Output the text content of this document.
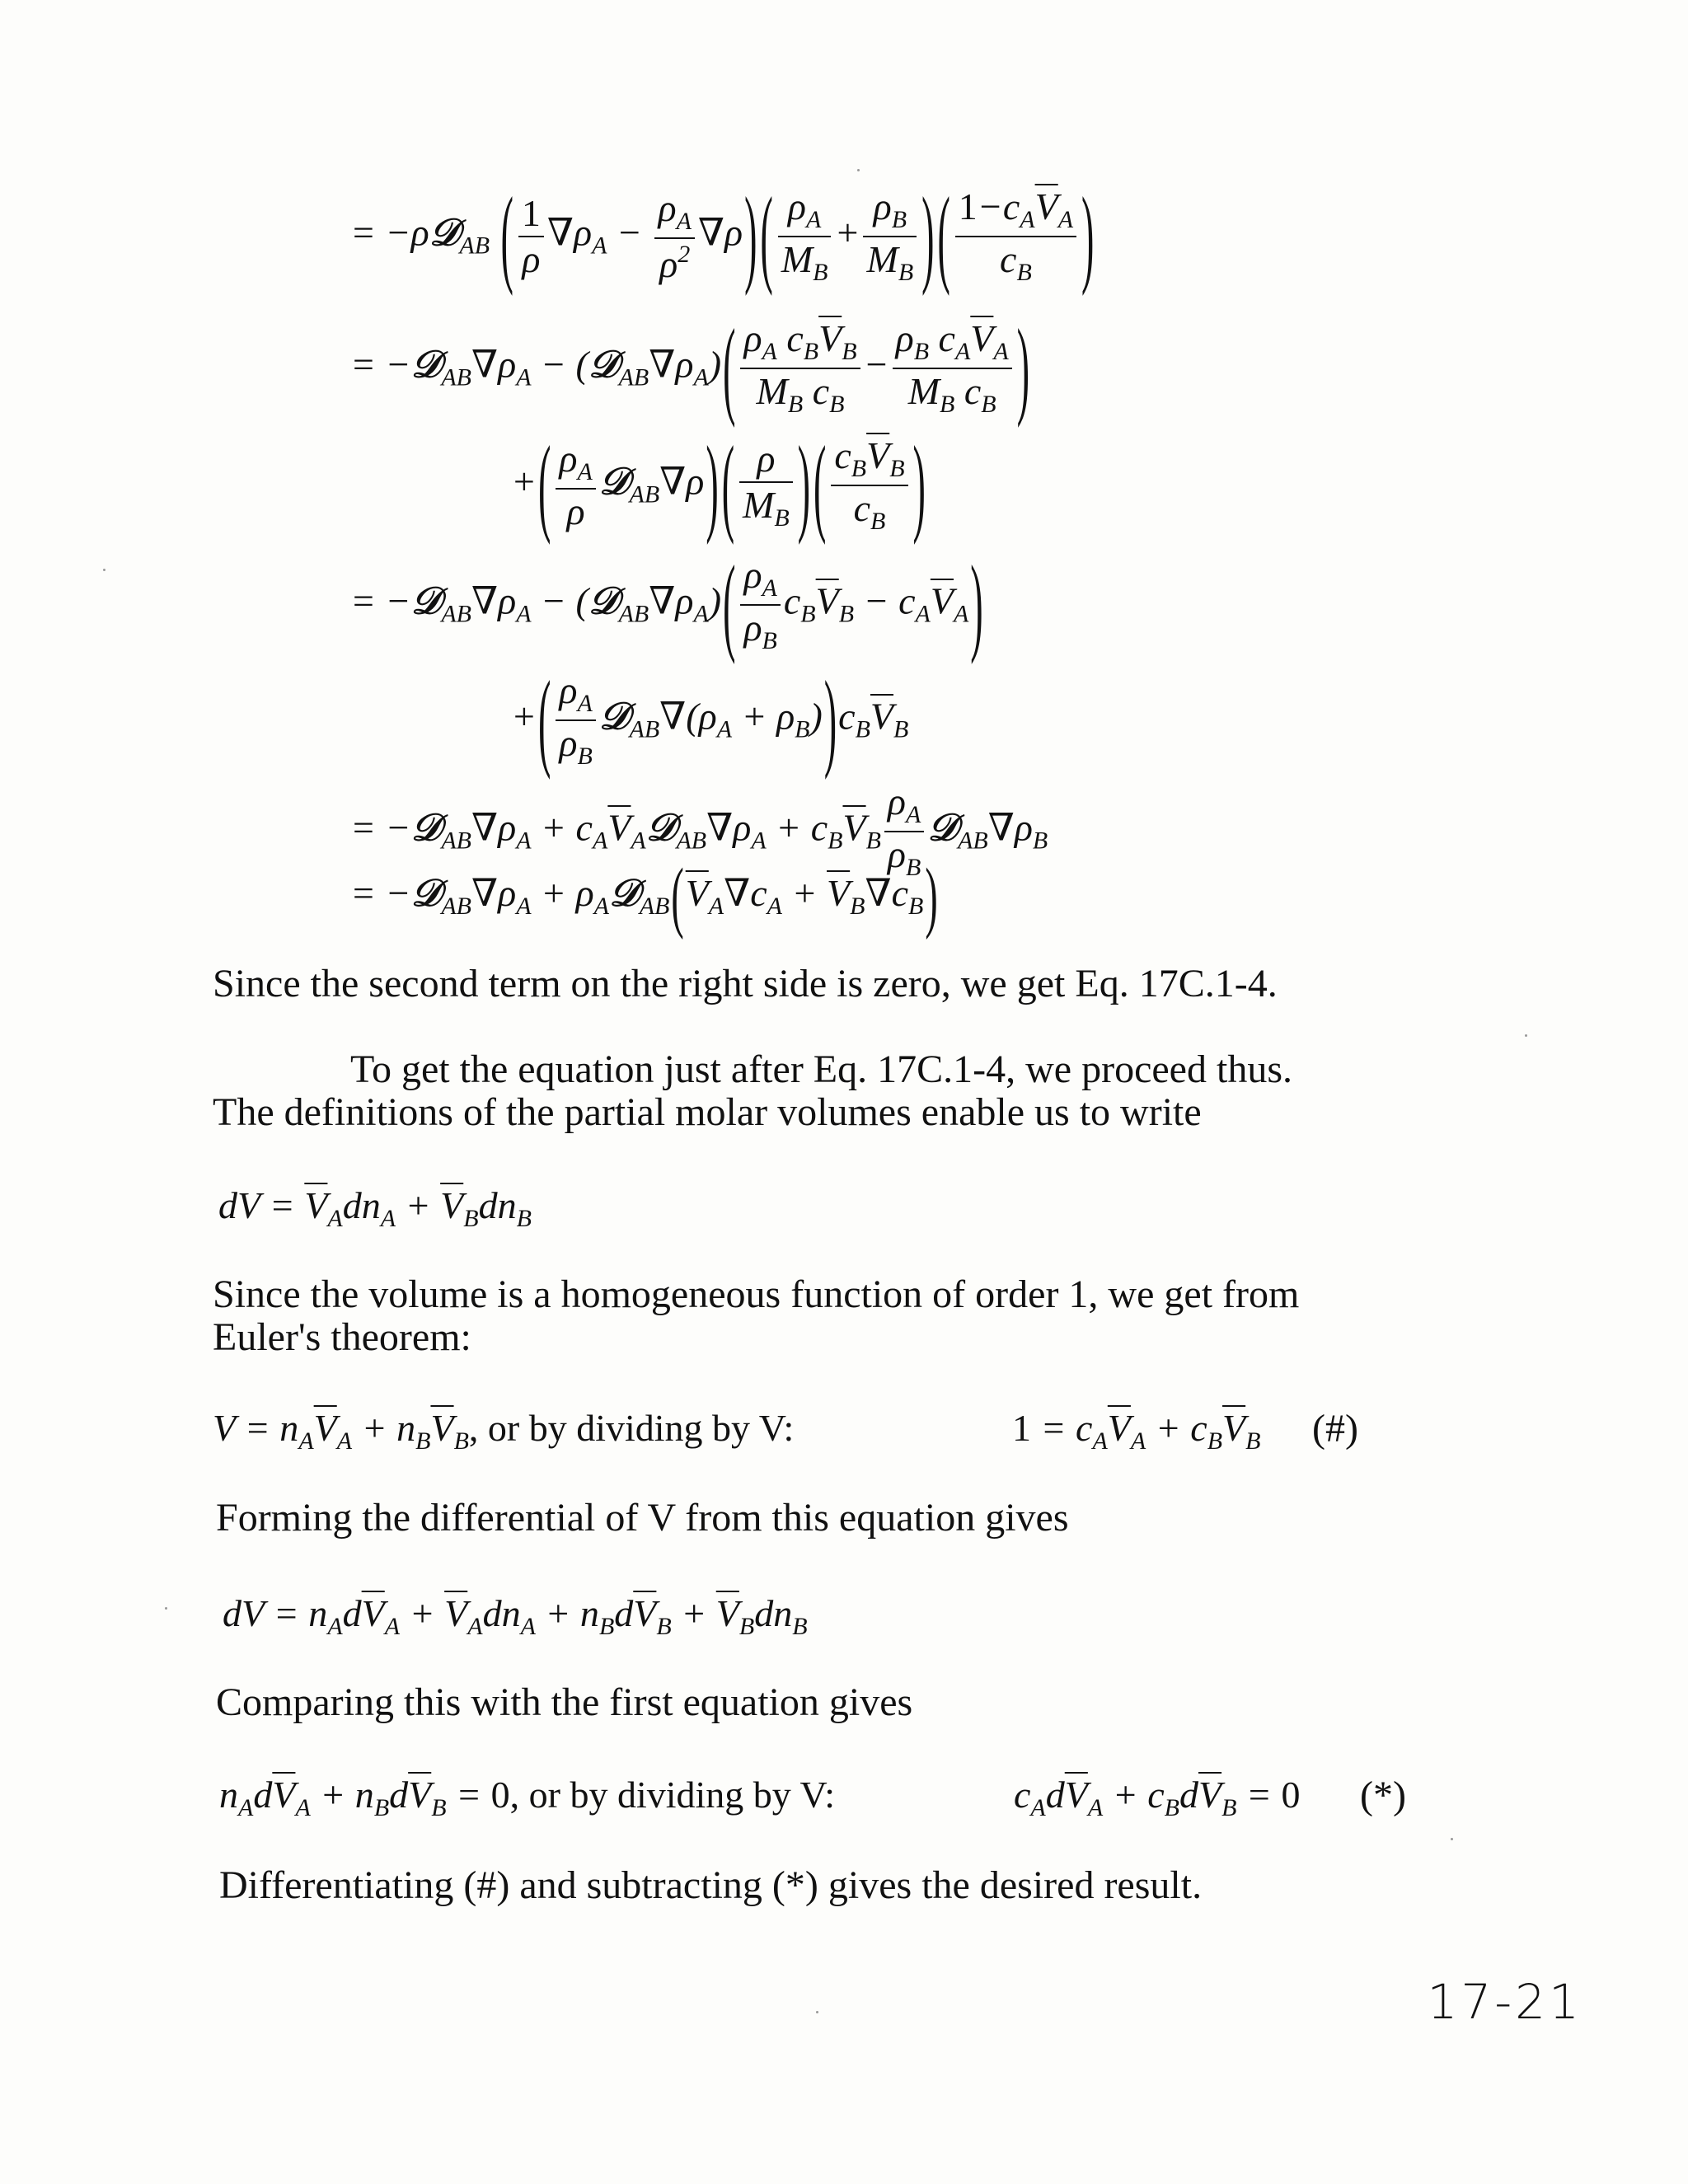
= −ρ𝒟$_{AB}$ ( $\frac{1}{\rho} \nabla\rho_A - \frac{\rho_A}{\rho^2} \nabla\rho)( \frac{\rho_A}{M_B} + \frac{\rho_B}{M_B}$ )( $\frac{1-c_A\overline{V}_A}{c_B}$ )
= $-𝒟_{AB}\nabla\rho_A$ − $(𝒟_{AB}\nabla\rho_A)( \frac{\rho_A c_B\overline{V}_B}{M_B c_B} - \frac{\rho_B c_A\overline{V}_A}{M_B c_B}$ )
+( $\frac{\rho_A}{\rho}$ 𝒟$_{AB}$∇ρ)( $\frac{\rho}{M_B}$ )( $\frac{c_B\overline{V}_B}{c_B}$ )
= $-𝒟_{AB}\nabla\rho_A$ − $(𝒟_{AB}\nabla\rho_A)( \frac{\rho_A}{\rho_B} c_B\overline{V}_B - c_A\overline{V}_A)$
+( $\frac{\rho_A}{\rho_B}$ $𝒟_{AB}\nabla(\rho_A + \rho_B))c_B\overline{V}_B$
= $-𝒟_{AB}\nabla\rho_A$ + $c_A\overline{V}_A𝒟_{AB}\nabla\rho_A + c_B\overline{V}_B \frac{\rho_A}{\rho_B}$ $𝒟_{AB}\nabla\rho_B$
= $-𝒟_{AB}\nabla\rho_A$ + $\rho_A𝒟_{AB}(\overline{V}_A\nabla c_A + \overline{V}_B\nabla c_B)$
Since the second term on the right side is zero, we get Eq. 17C.1-4.
To get the equation just after Eq. 17C.1-4, we proceed thus.
The definitions of the partial molar volumes enable us to write
dV = $\overline{V}_Adn_A + \overline{V}_Bdn_B$
Since the volume is a homogeneous function of order 1, we get from
Euler's theorem:
$V = n_A\overline{V}_A + n_B\overline{V}_B$, or by dividing by V:	$1 = c_A\overline{V}_A + c_B\overline{V}_B$ (#)
Forming the differential of V from this equation gives
dV = $n_Ad\overline{V}_A + \overline{V}_Adn_A + n_Bd\overline{V}_B + \overline{V}_Bdn_B$
Comparing this with the first equation gives
$n_Ad\overline{V}_A + n_Bd\overline{V}_B = 0$, or by dividing by V:	$c_Ad\overline{V}_A + c_Bd\overline{V}_B = 0$ (*)
Differentiating (#) and subtracting (*) gives the desired result.
17-21
